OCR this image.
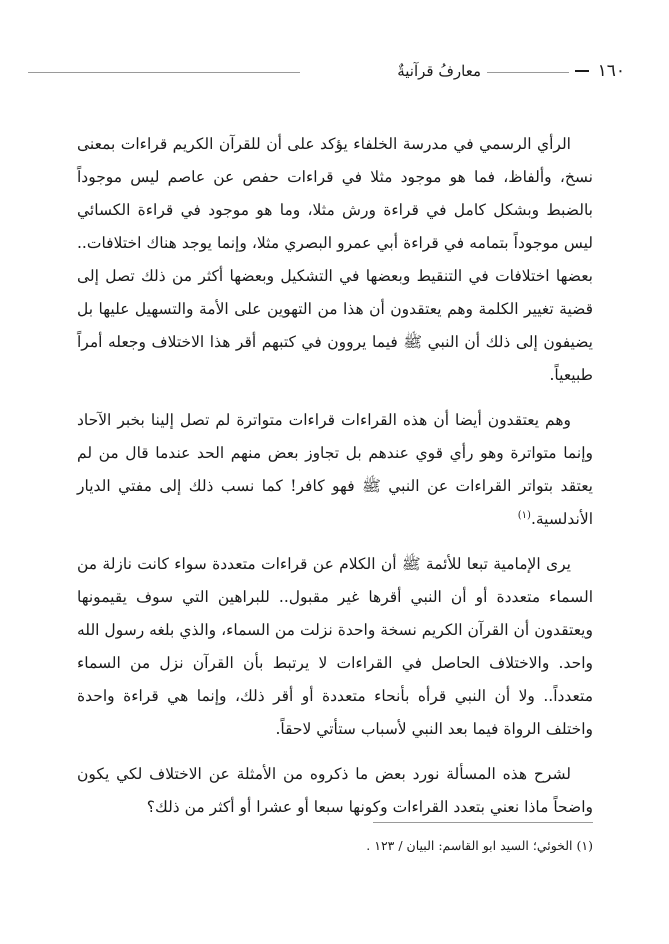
١٦٠
معارفُ قرآنيةٌ

الرأي الرسمي في مدرسة الخلفاء يؤكد على أن للقرآن الكريم قراءات بمعنى نسخ، وألفاظ، فما هو موجود مثلا في قراءات حفص عن عاصم ليس موجوداً بالضبط وبشكل كامل في قراءة ورش مثلا، وما هو موجود في قراءة الكسائي ليس موجوداً بتمامه في قراءة أبي عمرو البصري مثلا، وإنما يوجد هناك اختلافات.. بعضها اختلافات في التنقيط وبعضها في التشكيل وبعضها أكثر من ذلك تصل إلى قضية تغيير الكلمة وهم يعتقدون أن هذا من التهوين على الأمة والتسهيل عليها بل يضيفون إلى ذلك أن النبي ﷺ فيما يروون في كتبهم أقر هذا الاختلاف وجعله أمراً طبيعياً.

وهم يعتقدون أيضا أن هذه القراءات قراءات متواترة لم تصل إلينا بخبر الآحاد وإنما متواترة وهو رأي قوي عندهم بل تجاوز بعض منهم الحد عندما قال من لم يعتقد بتواتر القراءات عن النبي ﷺ فهو كافر! كما نسب ذلك إلى مفتي الديار الأندلسية.$^{(١)}$

يرى الإمامية تبعا للأئمة ﷺ أن الكلام عن قراءات متعددة سواء كانت نازلة من السماء متعددة أو أن النبي أقرها غير مقبول.. للبراهين التي سوف يقيمونها ويعتقدون أن القرآن الكريم نسخة واحدة نزلت من السماء، والذي بلغه رسول الله واحد. والاختلاف الحاصل في القراءات لا يرتبط بأن القرآن نزل من السماء متعدداً.. ولا أن النبي قرأه بأنحاء متعددة أو أقر ذلك، وإنما هي قراءة واحدة واختلف الرواة فيما بعد النبي لأسباب ستأتي لاحقاً.

لشرح هذه المسألة نورد بعض ما ذكروه من الأمثلة عن الاختلاف لكي يكون واضحاً ماذا نعني بتعدد القراءات وكونها سبعا أو عشرا أو أكثر من ذلك؟

(١) الخوئي؛ السيد ابو القاسم: البيان / ١٢٣ .
